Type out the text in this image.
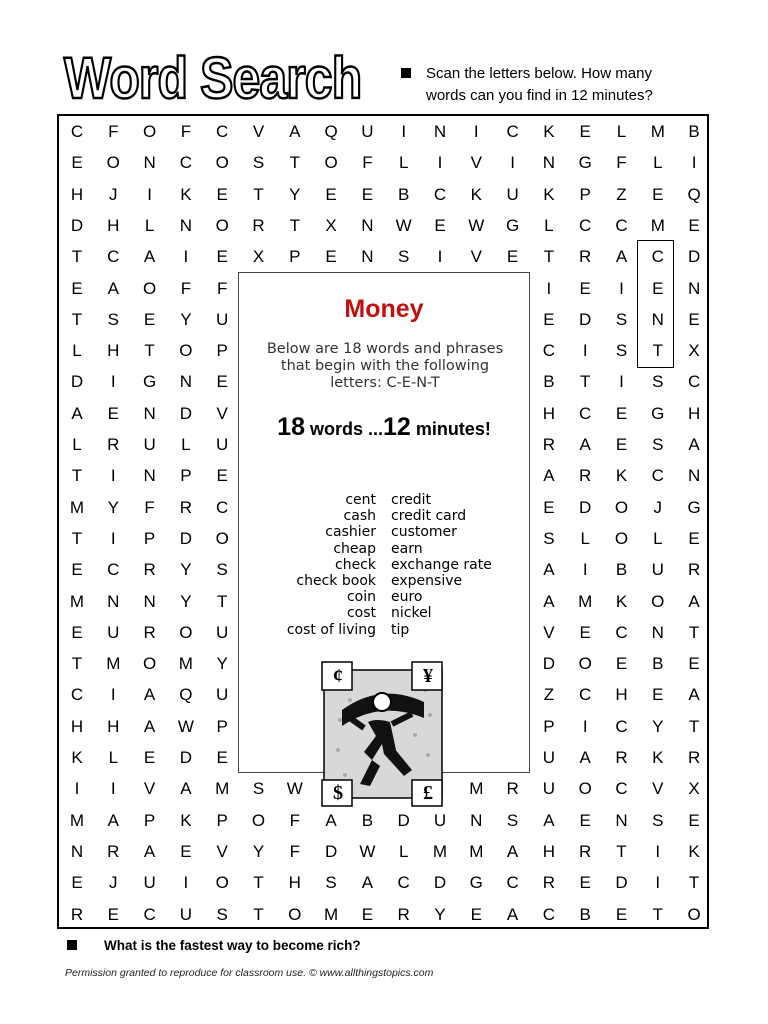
Word Search	Scan the letters below. How many
words can you find in 12 minutes?
C	F	O	F	C	V	A	Q	U	I	N	I	C	K	E	L	M	B
E	O	N	C	O	S	T	O	F	L	I	V	I	N	G	F	L	I
H	J	I	K	E	T	Y	E	E	B	C	K	U	K	P	Z	E	Q
D	H	L	N	O	R	T	X	N	W	E	W	G	L	C	C	M	E
T	C	A	I	E	X	P	E	N	S	I	V	E	T	R	A	C	D
E	A	O	F	F	I	E	I	E	N
T	S	E	Y	U	E	D	S	N	E
L	H	T	O	P	C	I	S	T	X
D	I	G	N	E	B	T	I	S	C
A	E	N	D	V	H	C	E	G	H
L	R	U	L	U	R	A	E	S	A
T	I	N	P	E	A	R	K	C	N
M	Y	F	R	C	E	D	O	J	G
T	I	P	D	O	S	L	O	L	E
E	C	R	Y	S	A	I	B	U	R
M	N	N	Y	T	A	M	K	O	A
E	U	R	O	U	V	E	C	N	T
T	M	O	M	Y	D	O	E	B	E
C	I	A	Q	U	Z	C	H	E	A
H	H	A	W	P	P	I	C	Y	T
K	L	E	D	E	U	A	R	K	R
I	I	V	A	M	S	W	M	R	U	O	C	V	X
M	A	P	K	P	O	F	A	B	D	U	N	S	A	E	N	S	E
N	R	A	E	V	Y	F	D	W	L	M	M	A	H	R	T	I	K
E	J	U	I	O	T	H	S	A	C	D	G	C	R	E	D	I	T
R	E	C	U	S	T	O	M	E	R	Y	E	A	C	B	E	T	O
Money
Below are 18 words and phrases
that begin with the following
letters: C-E-N-T
18 words ...12 minutes!
cent
cash
cashier
cheap
check
check book
coin
cost
cost of living
credit
credit card
customer
earn
exchange rate
expensive
euro
nickel
tip
¢	¥
$	£
What is the fastest way to become rich?
Permission granted to reproduce for classroom use. © www.allthingstopics.com
